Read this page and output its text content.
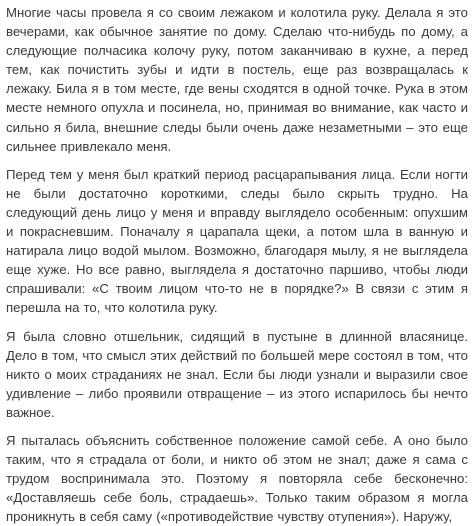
Многие часы провела я со своим лежаком и колотила руку. Делала я это вечерами, как обычное занятие по дому. Сделаю что-нибудь по дому, а следующие полчасика колочу руку, потом заканчиваю в кухне, а перед тем, как почистить зубы и идти в постель, еще раз возвращалась к лежаку. Била я в том месте, где вены сходятся в одной точке. Рука в этом месте немного опухла и посинела, но, принимая во внимание, как часто и сильно я била, внешние следы были очень даже незаметными – это еще сильнее привлекало меня.

Перед тем у меня был краткий период расцарапывания лица. Если ногти не были достаточно короткими, следы было скрыть трудно. На следующий день лицо у меня и вправду выглядело особенным: опухшим и покрасневшим. Поначалу я царапала щеки, а потом шла в ванную и натирала лицо водой мылом. Возможно, благодаря мылу, я не выглядела еще хуже. Но все равно, выглядела я достаточно паршиво, чтобы люди спрашивали: «С твоим лицом что-то не в порядке?» В связи с этим я перешла на то, что колотила руку.

Я была словно отшельник, сидящий в пустыне в длинной власянице. Дело в том, что смысл этих действий по большей мере состоял в том, что никто о моих страданиях не знал. Если бы люди узнали и выразили свое удивление – либо проявили отвращение – из этого испарилось бы нечто важное.

Я пыталась объяснить собственное положение самой себе. А оно было таким, что я страдала от боли, и никто об этом не знал; даже я сама с трудом воспринимала это. Поэтому я повторяла себе бесконечно: «Доставляешь себе боль, страдаешь». Только таким образом я могла проникнуть в себя саму («противодействие чувству отупения»). Наружу,
